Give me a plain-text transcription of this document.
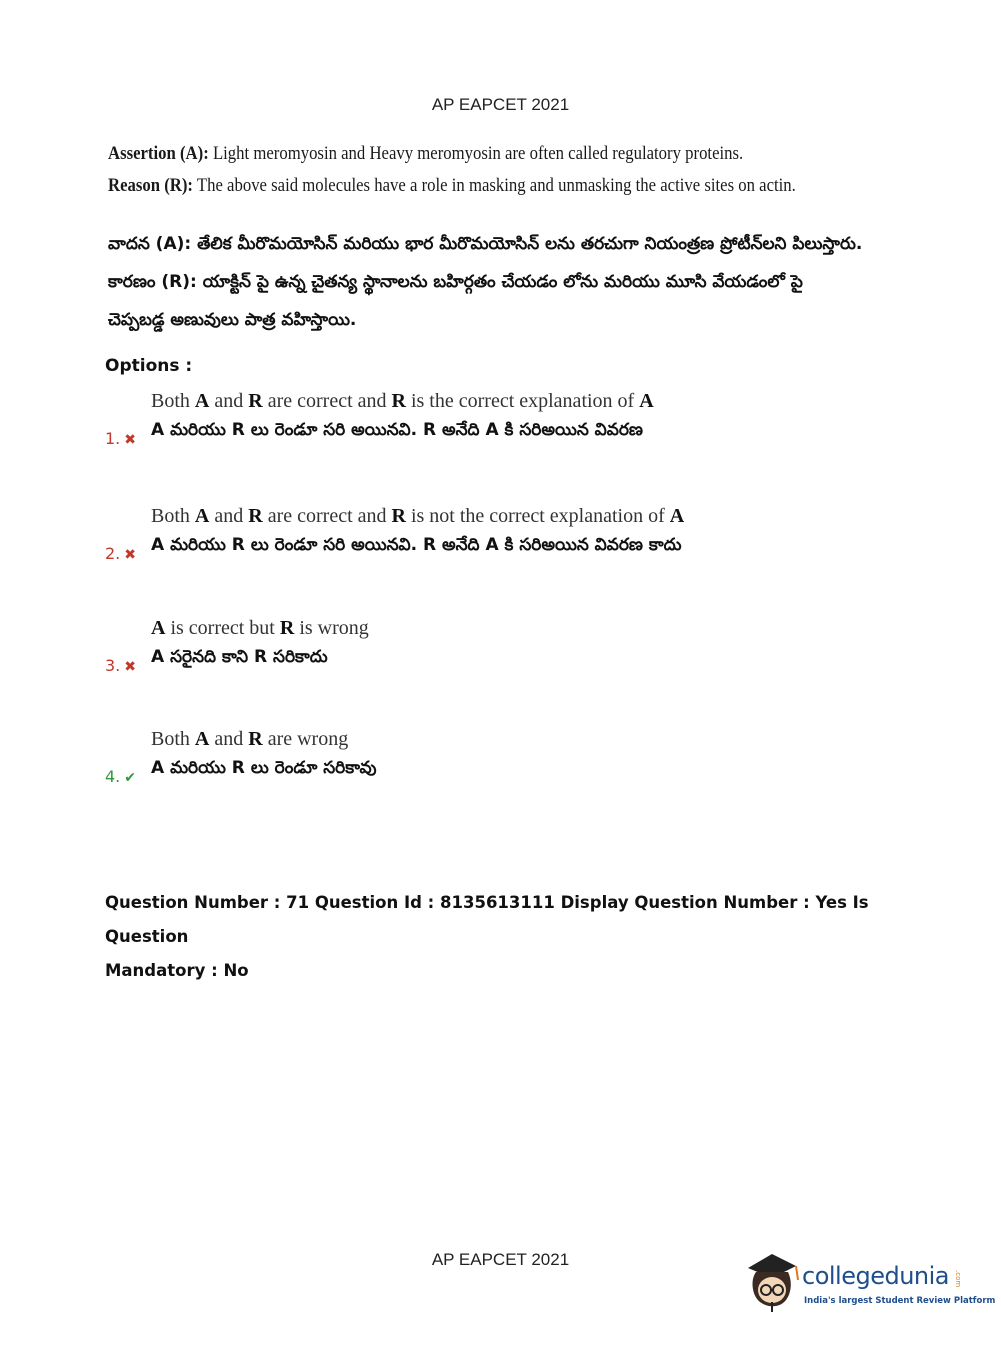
AP EAPCET 2021
Assertion (A): Light meromyosin and Heavy meromyosin are often called regulatory proteins.
Reason (R): The above said molecules have a role in masking and unmasking the active sites on actin.
వాదన (A): తేలిక మీరొమయోసిన్ మరియు భార మీరొమయోసిన్ లను తరచుగా నియంత్రణ ప్రోటీన్‌లని పిలుస్తారు.
కారణం (R): యాక్టిన్ పై ఉన్న చైతన్య స్థానాలను బహిర్గతం చేయడం లోను మరియు మూసి వేయడంలో పై
చెప్పబడ్డ అణువులు పాత్ర వహిస్తాయి.
Options :
Both A and R are correct and R is the correct explanation of A
A మరియు R లు రెండూ సరి అయినవి. R అనేది A కి సరిఅయిన వివరణ
1. ✖
Both A and R are correct and R is not the correct explanation of A
A మరియు R లు రెండూ సరి అయినవి. R అనేది A కి సరిఅయిన వివరణ కాదు
2. ✖
A is correct but R is wrong
A సరైనది కాని R సరికాదు
3. ✖
Both A and R are wrong
A మరియు R లు రెండూ సరికావు
4. ✔
Question Number : 71 Question Id : 8135613111 Display Question Number : Yes Is Question
Mandatory : No
AP EAPCET 2021
collegedunia .com
India's largest Student Review Platform
